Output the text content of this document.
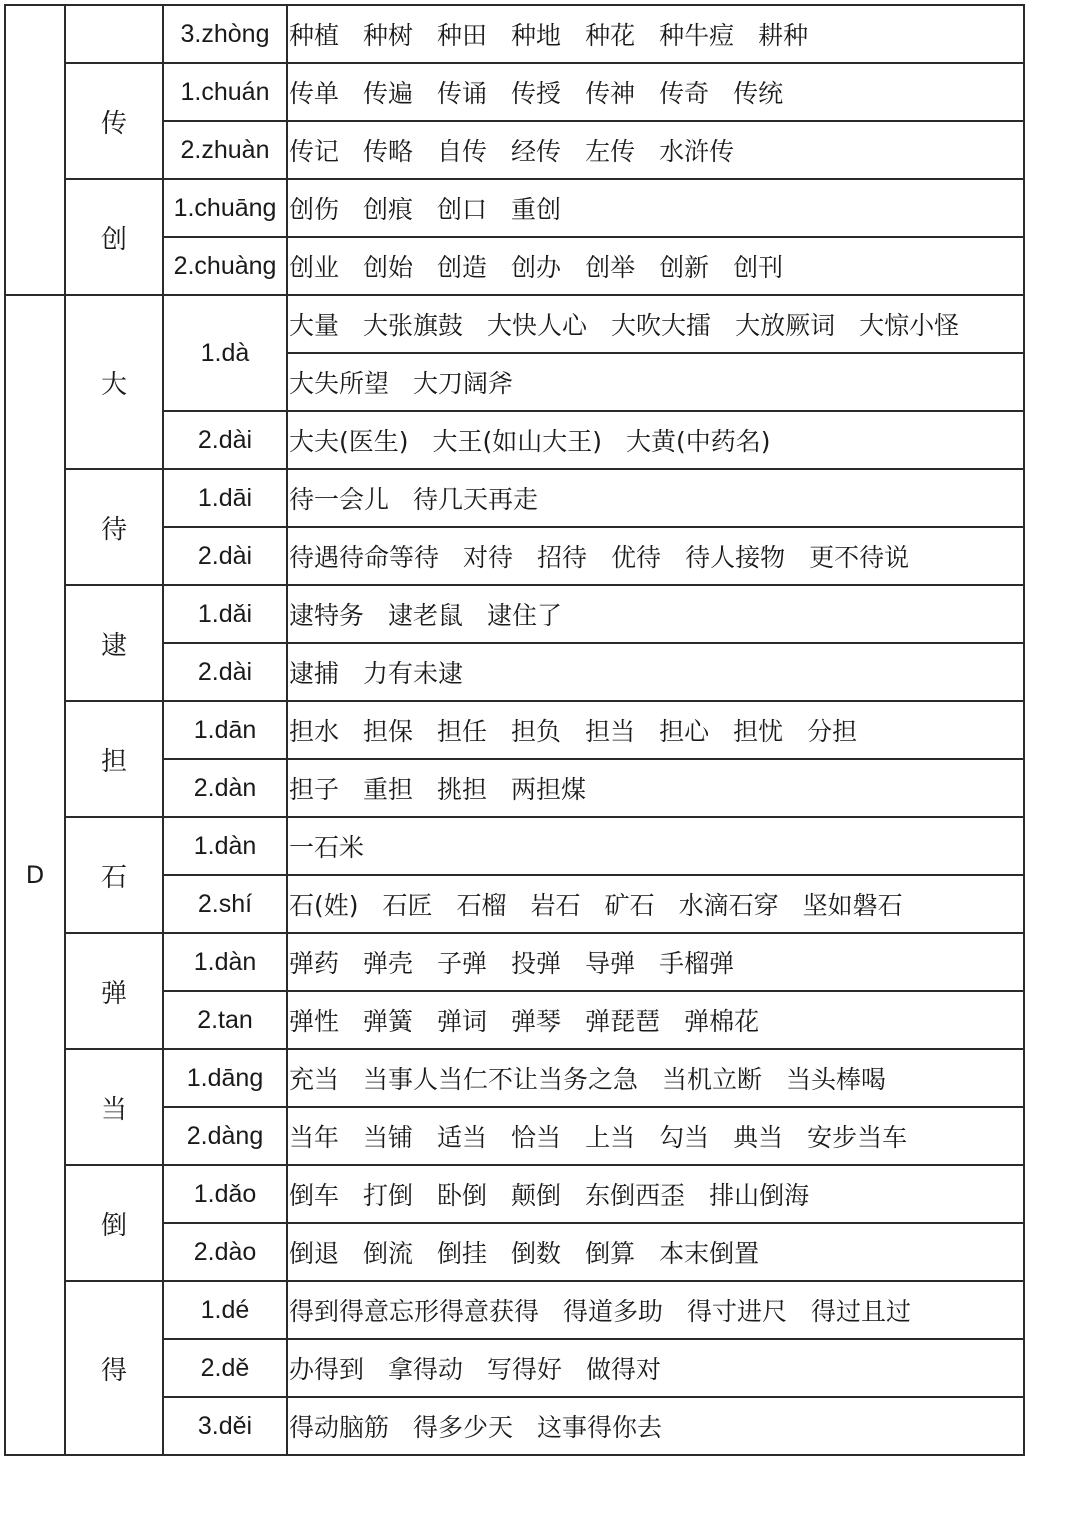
		3.zhòng	种植 种树 种田 种地 种花 种牛痘 耕种
	传	1.chuán	传单 传遍 传诵 传授 传神 传奇 传统
		2.zhuàn	传记 传略 自传 经传 左传 水浒传
	创	1.chuāng	创伤 创痕 创口 重创
		2.chuàng	创业 创始 创造 创办 创举 创新 创刊
D	大	1.dà	大量 大张旗鼓 大快人心 大吹大擂 大放厥词 大惊小怪
			大失所望 大刀阔斧
		2.dài	大夫(医生) 大王(如山大王) 大黄(中药名)
	待	1.dāi	待一会儿 待几天再走
		2.dài	待遇待命等待 对待 招待 优待 待人接物 更不待说
	逮	1.dǎi	逮特务 逮老鼠 逮住了
		2.dài	逮捕 力有未逮
	担	1.dān	担水 担保 担任 担负 担当 担心 担忧 分担
		2.dàn	担子 重担 挑担 两担煤
	石	1.dàn	一石米
		2.shí	石(姓) 石匠 石榴 岩石 矿石 水滴石穿 坚如磐石
	弹	1.dàn	弹药 弹壳 子弹 投弹 导弹 手榴弹
		2.tan	弹性 弹簧 弹词 弹琴 弹琵琶 弹棉花
	当	1.dāng	充当 当事人当仁不让当务之急 当机立断 当头棒喝
		2.dàng	当年 当铺 适当 恰当 上当 勾当 典当 安步当车
	倒	1.dǎo	倒车 打倒 卧倒 颠倒 东倒西歪 排山倒海
		2.dào	倒退 倒流 倒挂 倒数 倒算 本末倒置
	得	1.dé	得到得意忘形得意获得 得道多助 得寸进尺 得过且过
		2.dě	办得到 拿得动 写得好 做得对
		3.děi	得动脑筋 得多少天 这事得你去
